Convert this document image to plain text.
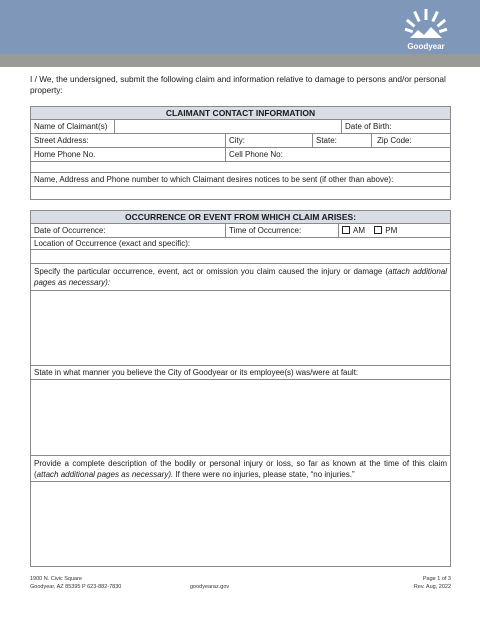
Goodyear

I / We, the undersigned, submit the following claim and information relative to damage to persons and/or personal property:

CLAIMANT CONTACT INFORMATION
Name of Claimant(s)	Date of Birth:
Street Address:	City:	State:	Zip Code:
Home Phone No.	Cell Phone No:
Name, Address and Phone number to which Claimant desires notices to be sent (if other than above):
OCCURRENCE OR EVENT FROM WHICH CLAIM ARISES:
Date of Occurrence:	Time of Occurrence:	AM	PM
Location of Occurrence (exact and specific):
Specify the particular occurrence, event, act or omission you claim caused the injury or damage (attach additional pages as necessary):
State in what manner you believe the City of Goodyear or its employee(s) was/were at fault:
Provide a complete description of the bodily or personal injury or loss, so far as known at the time of this claim (attach additional pages as necessary). If there were no injuries, please state, “no injuries.”
1900 N. Civic Square
Goodyear, AZ 85395 P 623-882-7830	goodyearaz.gov
Page 1 of 3
Rev. Aug, 2022
